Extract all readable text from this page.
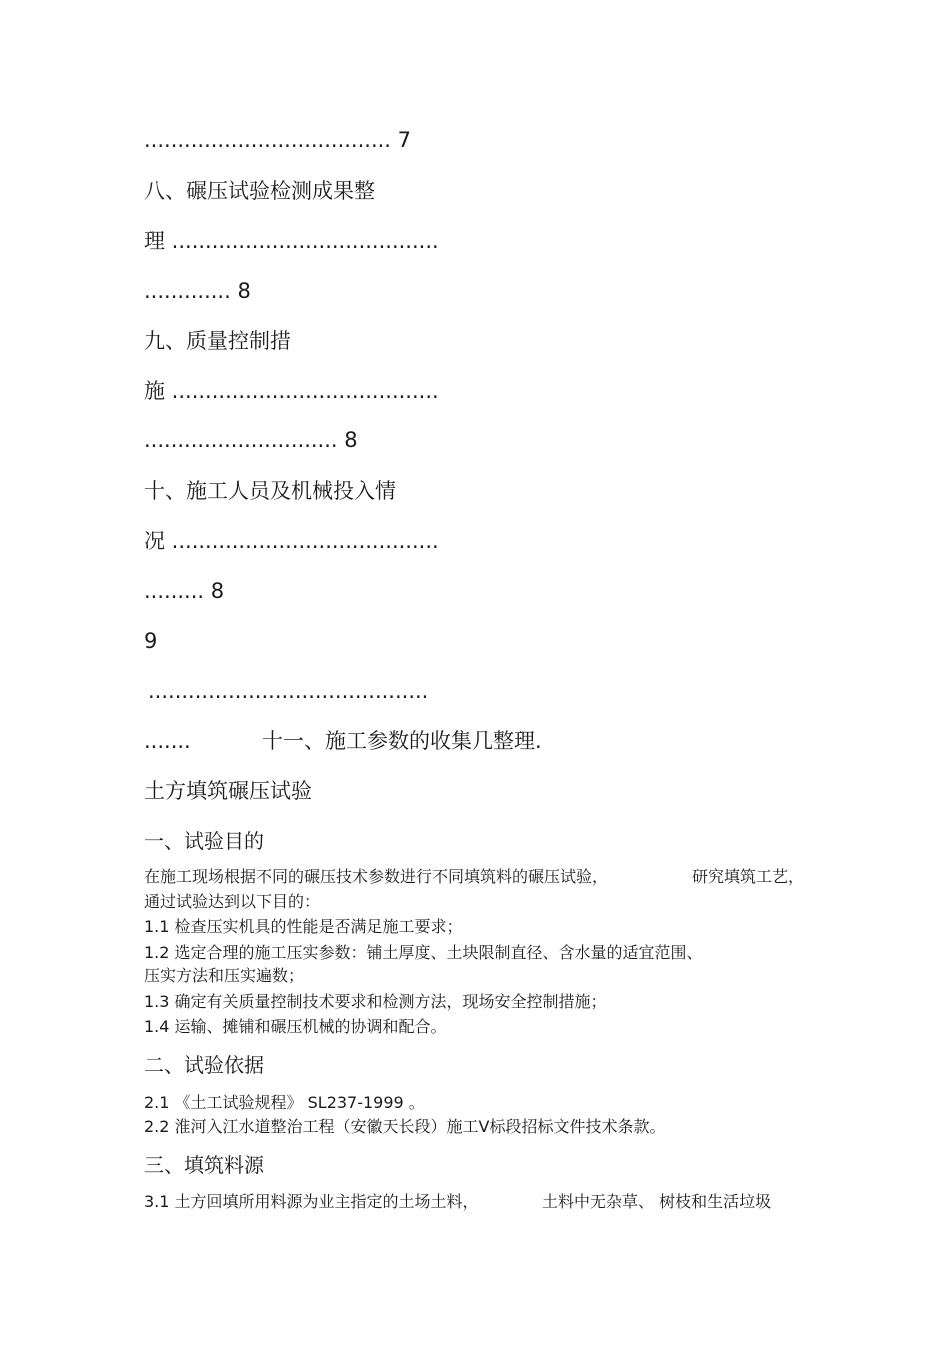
..................................... 7
八、碾压试验检测成果整
理 ........................................
............. 8
九、质量控制措
施 ........................................
............................. 8
十、施工人员及机械投入情
况 ........................................
......... 8
9
..........................................
.......	十一、施工参数的收集几整理.
土方填筑碾压试验
一、试验目的
在施工现场根据不同的碾压技术参数进行不同填筑料的碾压试验，	研究填筑工艺，
通过试验达到以下目的：
1.1 检查压实机具的性能是否满足施工要求；
1.2 选定合理的施工压实参数：铺土厚度、土块限制直径、含水量的适宜范围、
压实方法和压实遍数；
1.3 确定有关质量控制技术要求和检测方法，现场安全控制措施；
1.4 运输、摊铺和碾压机械的协调和配合。
二、试验依据
2.1 《土工试验规程》 SL237-1999 。
2.2 淮河入江水道整治工程（安徽天长段）施工Ⅴ标段招标文件技术条款。
三、填筑料源
3.1 土方回填所用料源为业主指定的土场土料，	土料中无杂草、 树枝和生活垃圾
